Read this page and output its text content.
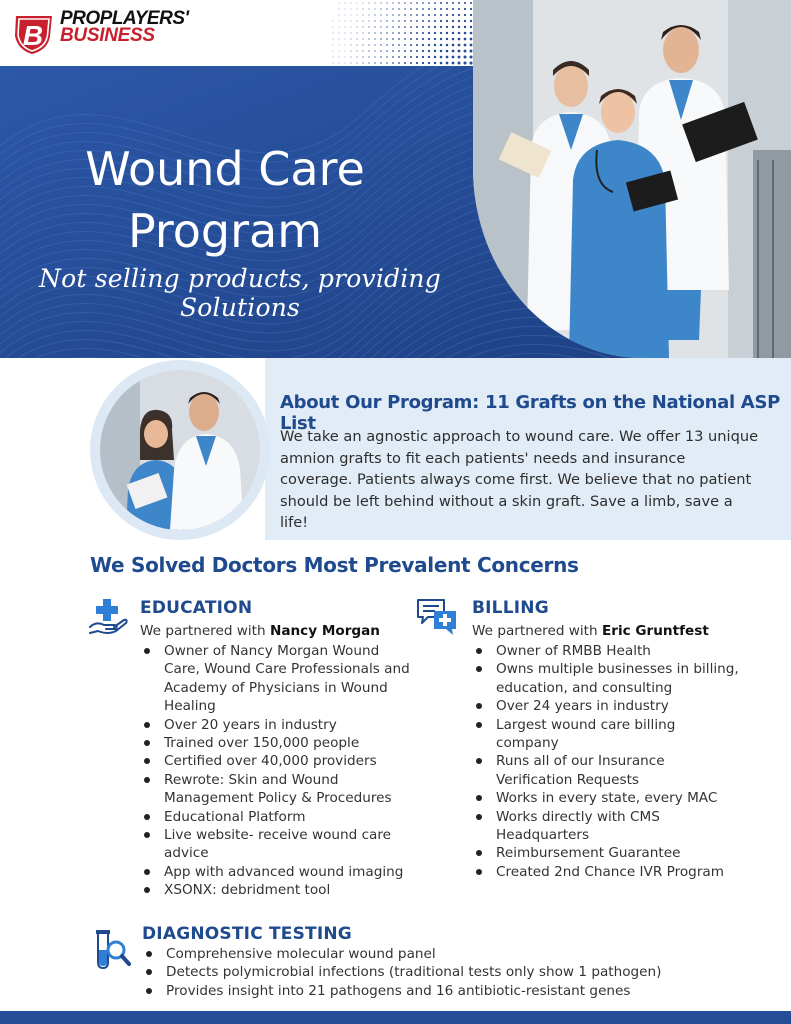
B
PROPLAYERS'
BUSINESS
Wound Care
Program
Not selling products, providing Solutions
About Our Program: 11 Grafts on the National ASP List
We take an agnostic approach to wound care. We offer 13 unique amnion grafts to fit each patients' needs and insurance coverage. Patients always come first. We believe that no patient should be left behind without a skin graft. Save a limb, save a life!
We Solved Doctors Most Prevalent Concerns
EDUCATION
We partnered with Nancy Morgan
Owner of Nancy Morgan Wound Care, Wound Care Professionals and Academy of Physicians in Wound Healing
Over 20 years in industry
Trained over 150,000 people
Certified over 40,000 providers
Rewrote: Skin and Wound Management Policy & Procedures
Educational Platform
Live website- receive wound care advice
App with advanced wound imaging
XSONX: debridment tool
BILLING
We partnered with Eric Gruntfest
Owner of RMBB Health
Owns multiple businesses in billing, education, and consulting
Over 24 years in industry
Largest wound care billing company
Runs all of our Insurance Verification Requests
Works in every state, every MAC
Works directly with CMS Headquarters
Reimbursement Guarantee
Created 2nd Chance IVR Program
DIAGNOSTIC TESTING
Comprehensive molecular wound panel
Detects polymicrobial infections (traditional tests only show 1 pathogen)
Provides insight into 21 pathogens and 16 antibiotic-resistant genes
